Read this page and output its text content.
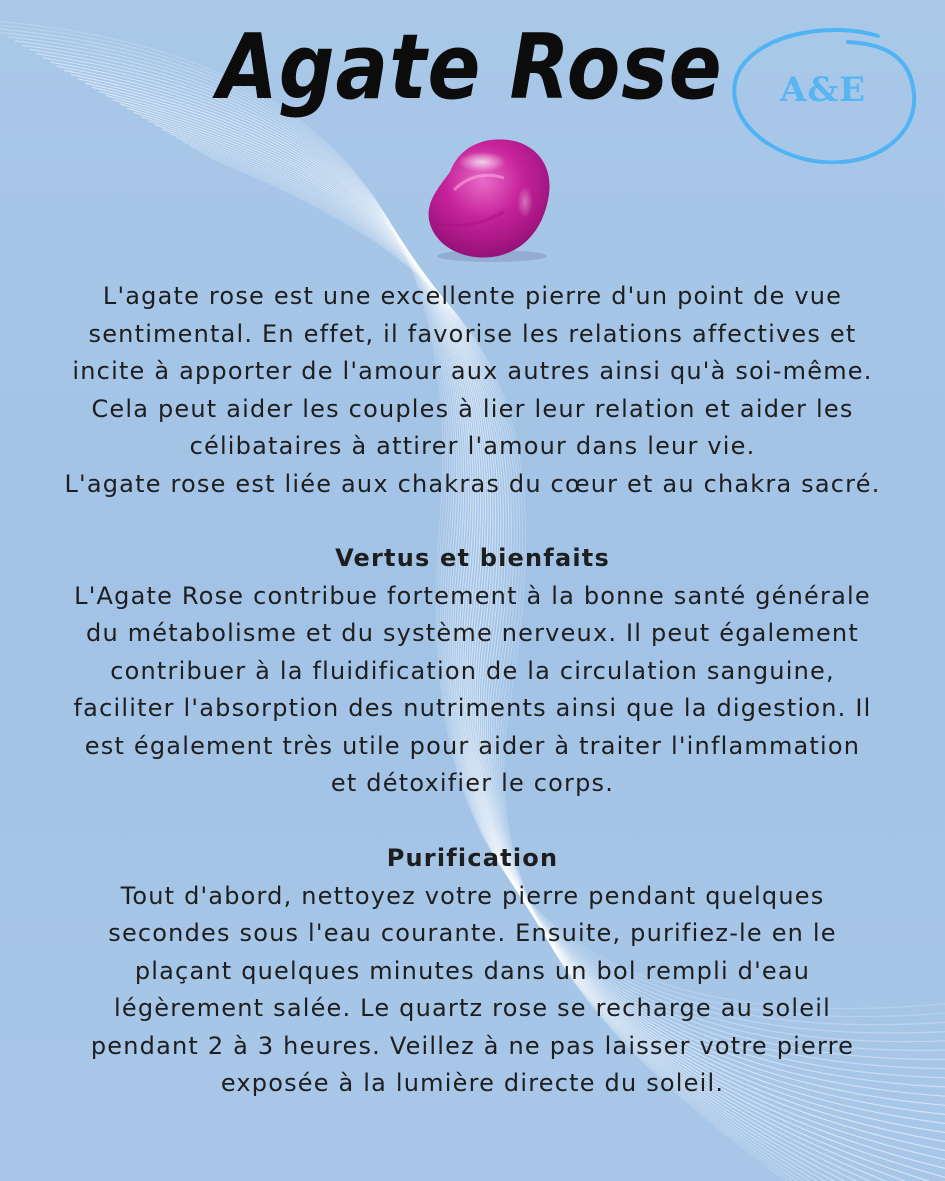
Agate Rose	A&E

L'agate rose est une excellente pierre d'un point de vue

sentimental. En effet, il favorise les relations affectives et

incite à apporter de l'amour aux autres ainsi qu'à soi-même.

Cela peut aider les couples à lier leur relation et aider les

célibataires à attirer l'amour dans leur vie.

L'agate rose est liée aux chakras du cœur et au chakra sacré.

Vertus et bienfaits

L'Agate Rose contribue fortement à la bonne santé générale

du métabolisme et du système nerveux. Il peut également

contribuer à la fluidification de la circulation sanguine,

faciliter l'absorption des nutriments ainsi que la digestion. Il

est également très utile pour aider à traiter l'inflammation

et détoxifier le corps.

Purification

Tout d'abord, nettoyez votre pierre pendant quelques

secondes sous l'eau courante. Ensuite, purifiez-le en le

plaçant quelques minutes dans un bol rempli d'eau

légèrement salée. Le quartz rose se recharge au soleil

pendant 2 à 3 heures. Veillez à ne pas laisser votre pierre

exposée à la lumière directe du soleil.
